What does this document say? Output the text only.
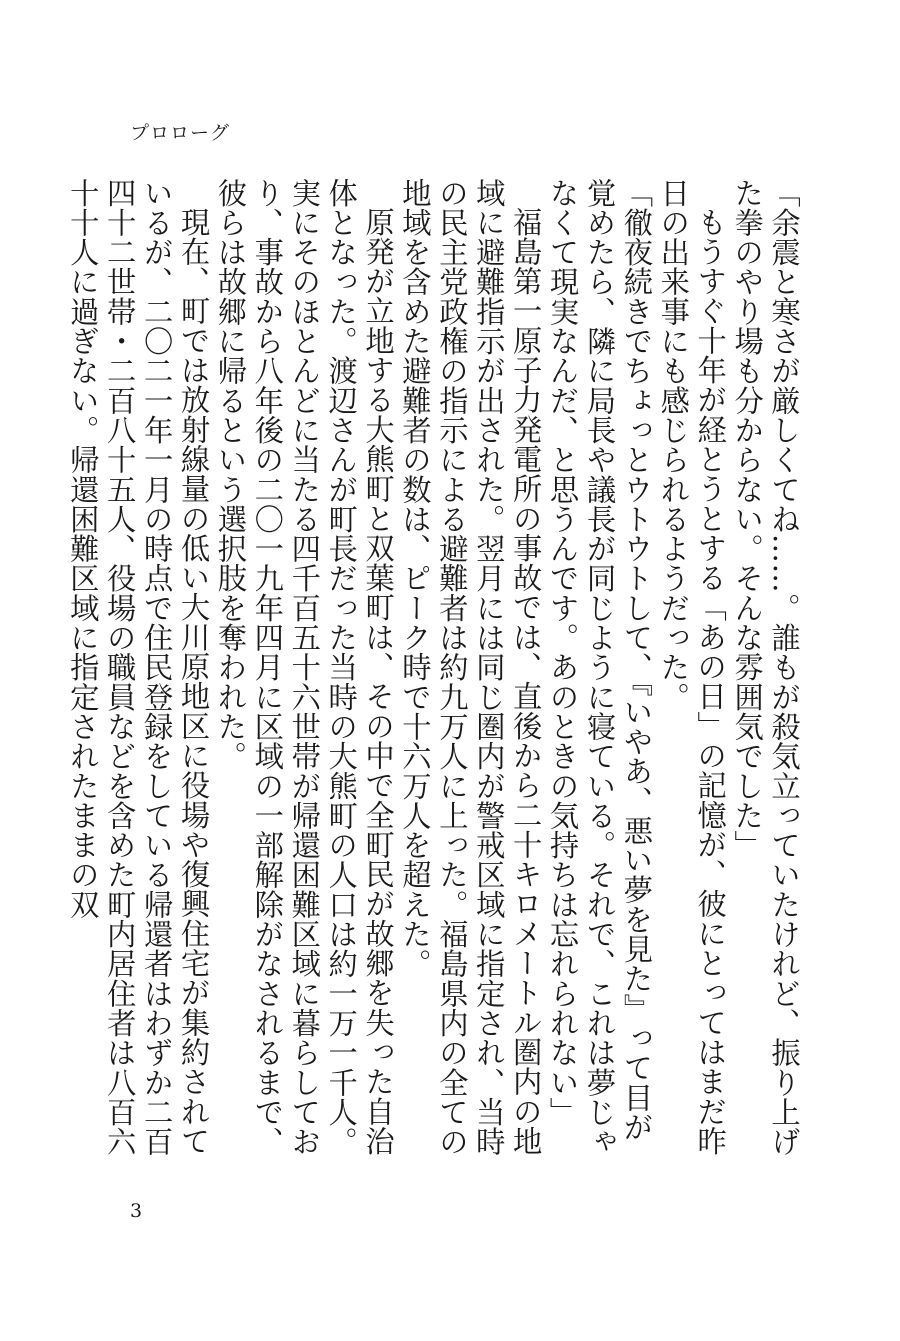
プロローグ

「余震と寒さが厳しくてね……。誰もが殺気立っていたけれど、振り上げた拳のやり場も分からない。そんな雰囲気でした」

もうすぐ十年が経とうとする「あの日」の記憶が、彼にとってはまだ昨日の出来事にも感じられるようだった。

「徹夜続きでちょっとウトウトして、『いやあ、悪い夢を見た』って目が覚めたら、隣に局長や議長が同じように寝ている。それで、これは夢じゃなくて現実なんだ、と思うんです。あのときの気持ちは忘れられない」

福島第一原子力発電所の事故では、直後から二十キロメートル圏内の地域に避難指示が出された。翌月には同じ圏内が警戒区域に指定され、当時の民主党政権の指示による避難者は約九万人に上った。福島県内の全ての地域を含めた避難者の数は、ピーク時で十六万人を超えた。

原発が立地する大熊町と双葉町は、その中で全町民が故郷を失った自治体となった。渡辺さんが町長だった当時の大熊町の人口は約一万一千人。実にそのほとんどに当たる四千百五十六世帯が帰還困難区域に暮らしており、事故から八年後の二〇一九年四月に区域の一部解除がなされるまで、彼らは故郷に帰るという選択肢を奪われた。

現在、町では放射線量の低い大川原地区に役場や復興住宅が集約されているが、二〇二一年一月の時点で住民登録をしている帰還者はわずか二百四十二世帯・二百八十五人、役場の職員などを含めた町内居住者は八百六十十人に過ぎない。帰還困難区域に指定されたままの双

3
